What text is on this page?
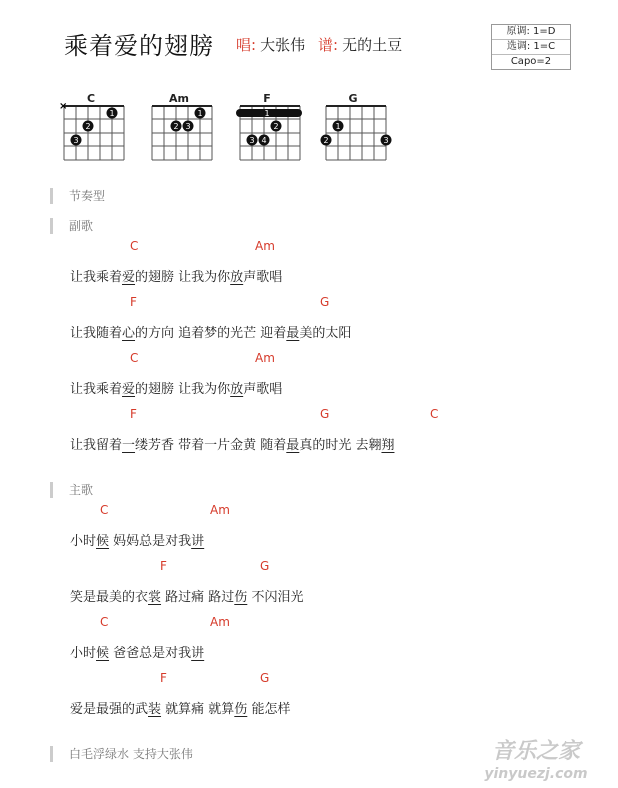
乘着爱的翅膀 唱: 大张伟 谱: 无的土豆
原调: 1=D
选调: 1=C
Capo=2
C
×
1
2
3
Am
1
2 3
F
1
2
3 4
G
1
2	3
节奏型
副歌

C

	Am

让我乘着爱的翅膀 让我为你放声歌唱

F

	G

让我随着心的方向 追着梦的光芒 迎着最美的太阳

C

	Am

让我乘着爱的翅膀 让我为你放声歌唱

F

	G

	C

让我留着一缕芳香 带着一片金黄 随着最真的时光 去翱翔
主歌

C

	Am

小时候 妈妈总是对我讲

F

	G

笑是最美的衣裳 路过痛 路过伤 不闪泪光

C

	Am

小时候 爸爸总是对我讲

F

	G

爱是最强的武装 就算痛 就算伤 能怎样
白毛浮绿水 支持大张伟	音乐之家
yinyuezj.com
